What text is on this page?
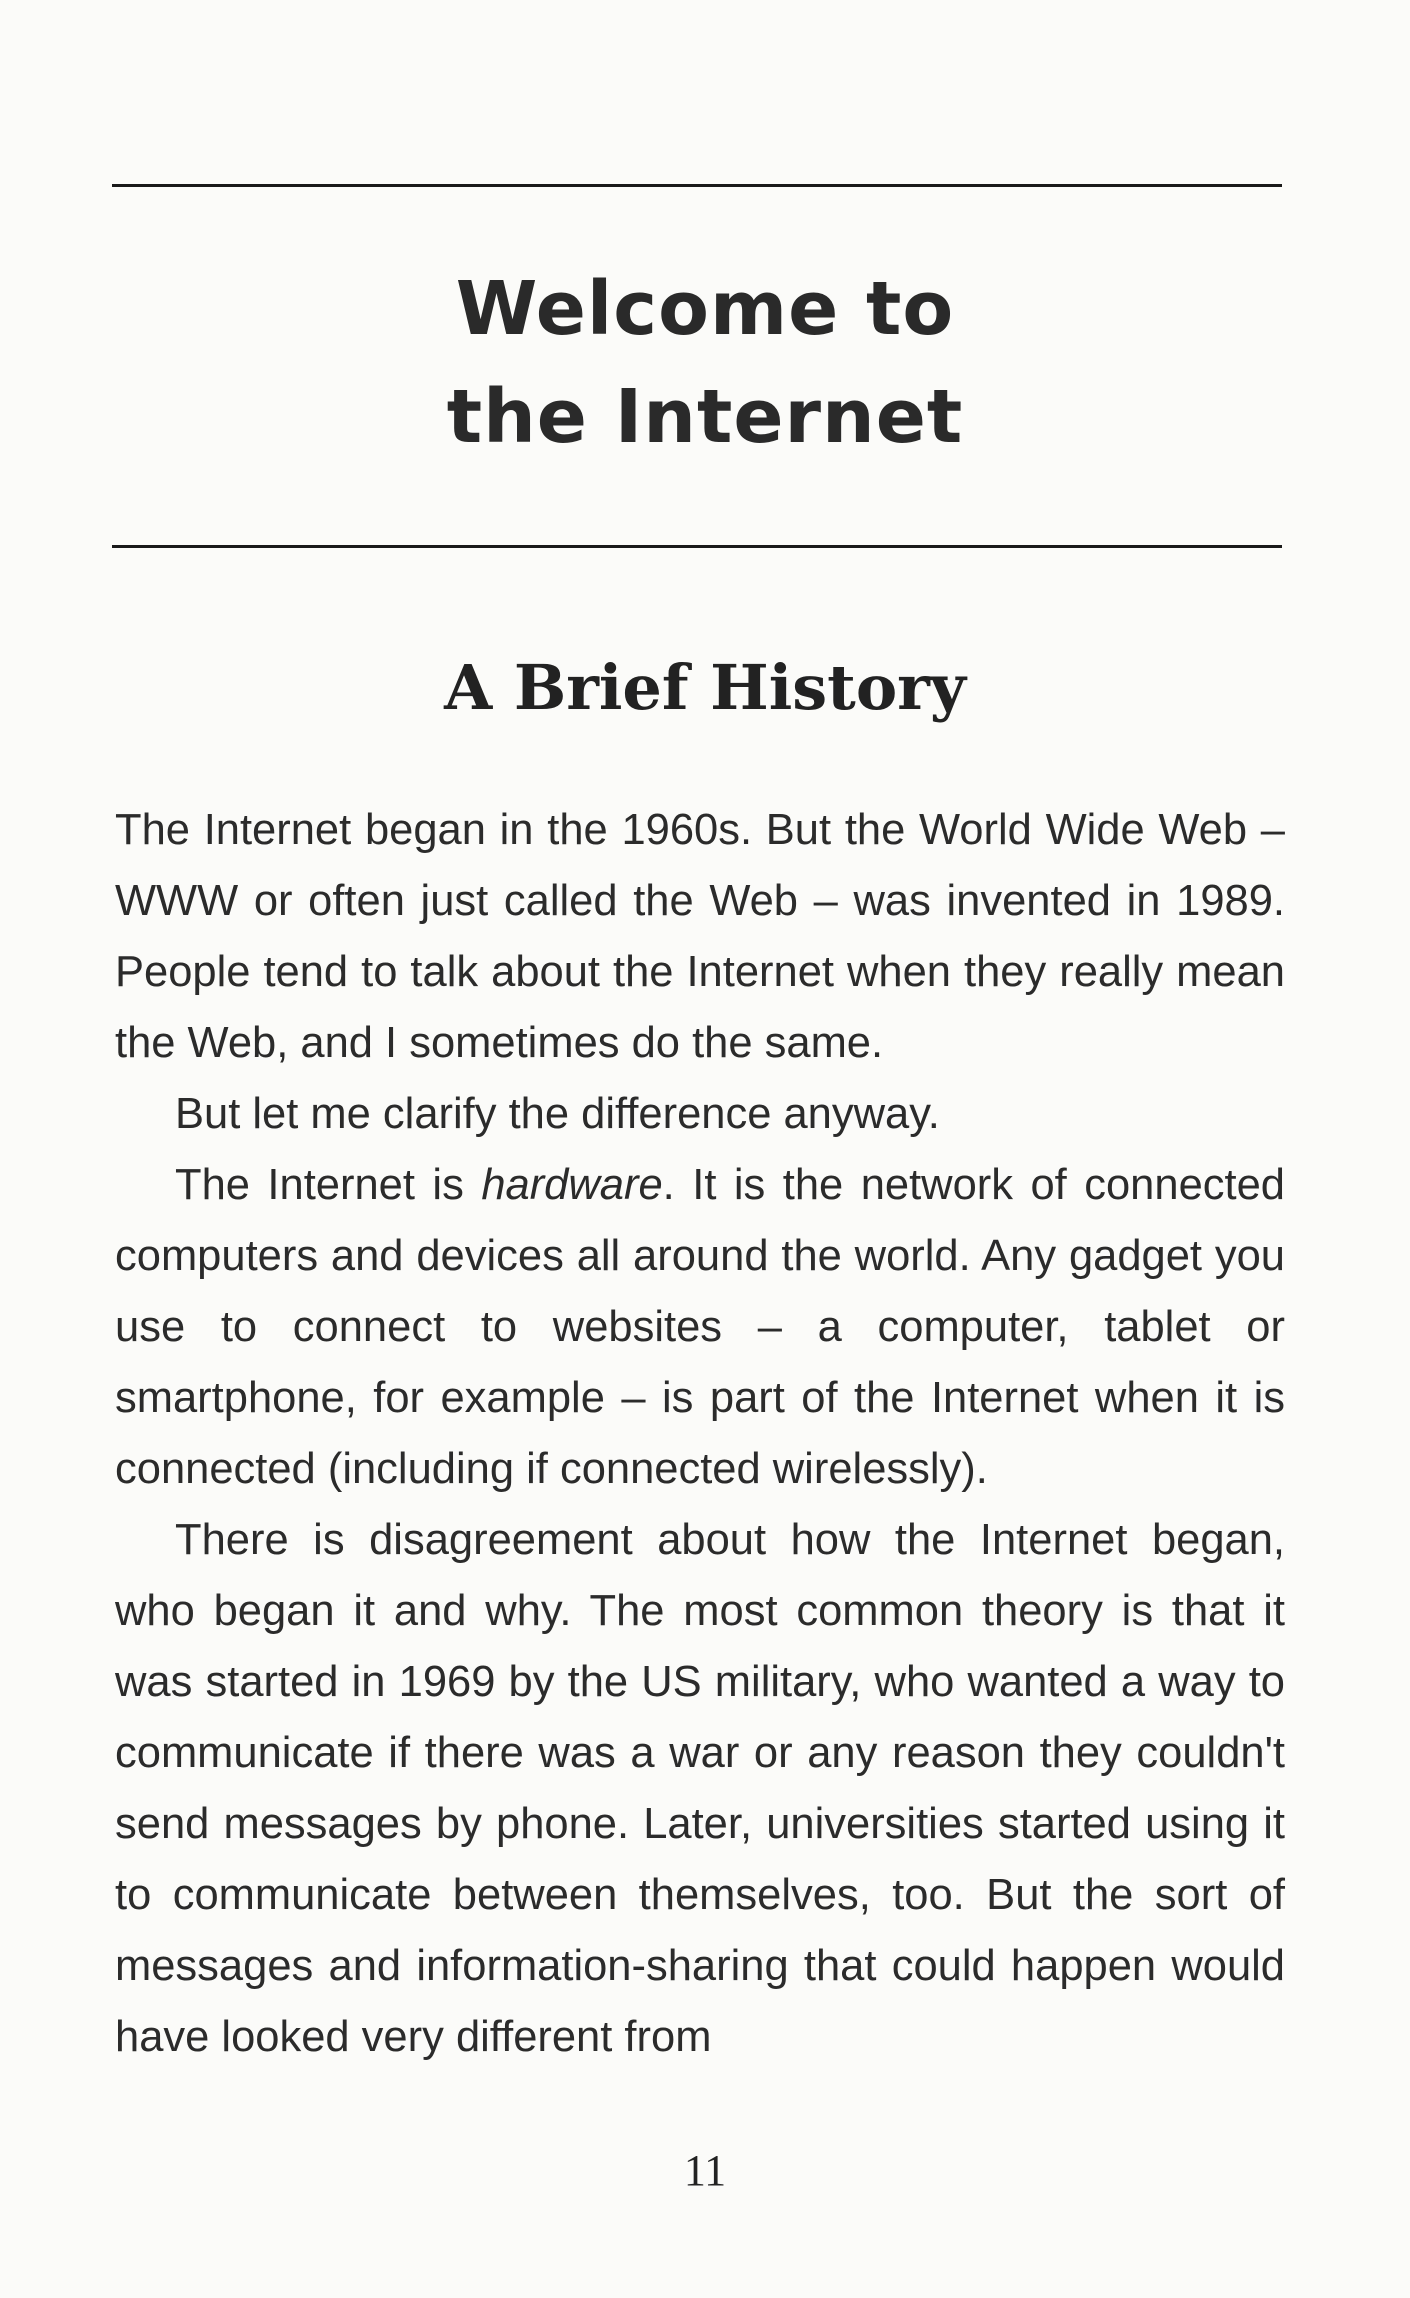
Welcome to
the Internet
A Brief History

The Internet began in the 1960s. But the World Wide Web – WWW or often just called the Web – was invented in 1989. People tend to talk about the Internet when they really mean the Web, and I sometimes do the same.

But let me clarify the difference anyway.

The Internet is hardware. It is the network of connected computers and devices all around the world. Any gadget you use to connect to websites – a computer, tablet or smartphone, for example – is part of the Internet when it is connected (including if connected wirelessly).

There is disagreement about how the Internet began, who began it and why. The most common theory is that it was started in 1969 by the US military, who wanted a way to communicate if there was a war or any reason they couldn't send messages by phone. Later, universities started using it to communicate between themselves, too. But the sort of messages and information-sharing that could happen would have looked very different from

11
